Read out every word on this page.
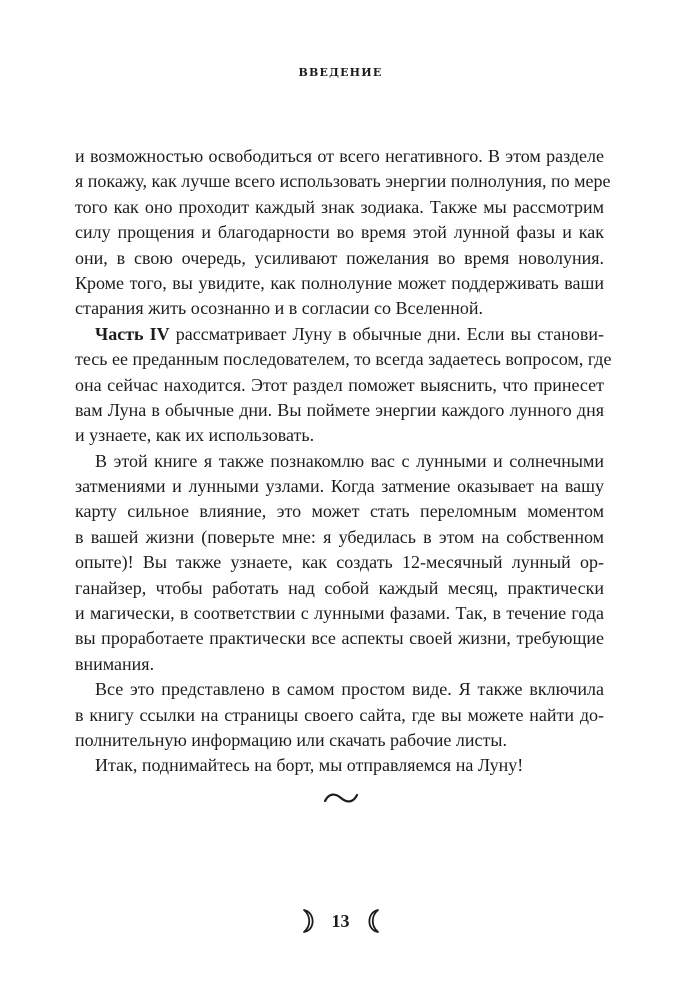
ВВЕДЕНИЕ
и возможностью освободиться от всего негативного. В этом разделе
я покажу, как лучше всего использовать энергии полнолуния, по мере
того как оно проходит каждый знак зодиака. Также мы рассмотрим
силу прощения и благодарности во время этой лунной фазы и как
они, в свою очередь, усиливают пожелания во время новолуния.
Кроме того, вы увидите, как полнолуние может поддерживать ваши
старания жить осознанно и в согласии со Вселенной.
Часть IV рассматривает Луну в обычные дни. Если вы станови-
тесь ее преданным последователем, то всегда задаетесь вопросом, где
она сейчас находится. Этот раздел поможет выяснить, что принесет
вам Луна в обычные дни. Вы поймете энергии каждого лунного дня
и узнаете, как их использовать.
В этой книге я также познакомлю вас с лунными и солнечными
затмениями и лунными узлами. Когда затмение оказывает на вашу
карту сильное влияние, это может стать переломным моментом
в вашей жизни (поверьте мне: я убедилась в этом на собственном
опыте)! Вы также узнаете, как создать 12-месячный лунный ор-
ганайзер, чтобы работать над собой каждый месяц, практически
и магически, в соответствии с лунными фазами. Так, в течение года
вы проработаете практически все аспекты своей жизни, требующие
внимания.
Все это представлено в самом простом виде. Я также включила
в книгу ссылки на страницы своего сайта, где вы можете найти до-
полнительную информацию или скачать рабочие листы.
Итак, поднимайтесь на борт, мы отправляемся на Луну!
13
